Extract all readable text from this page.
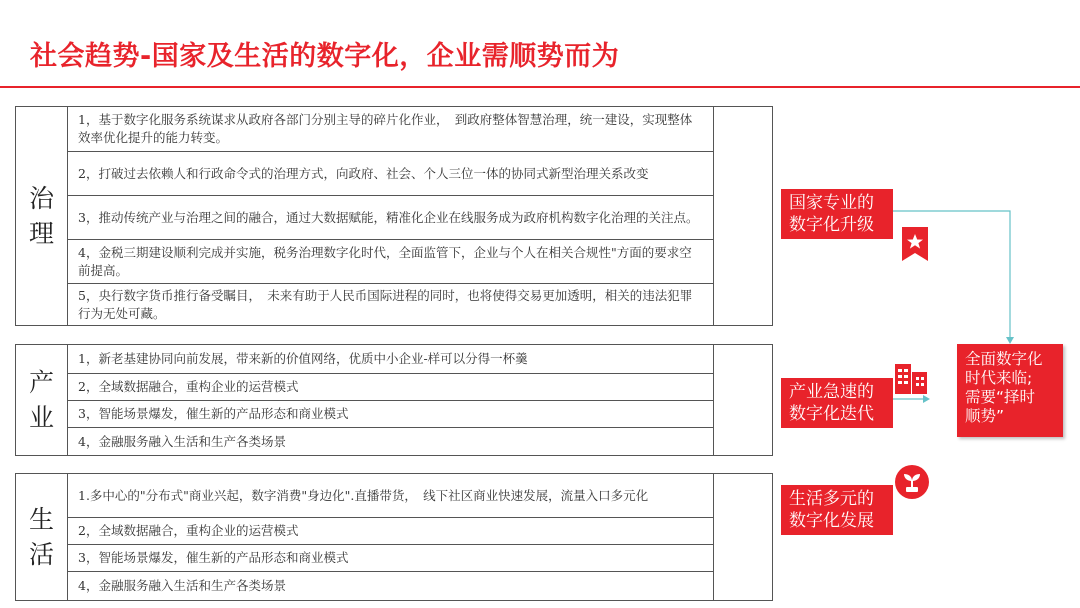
社会趋势-国家及生活的数字化，企业需顺势而为
治
理
1，基于数字化服务系统谋求从政府各部门分别主导的碎片化作业，　到政府整体智慧治理，统一建设，实现整体效率优化提升的能力转变。
2，打破过去依赖人和行政命令式的治理方式，向政府、社会、个人三位一体的协同式新型治理关系改变
3，推动传统产业与治理之间的融合，通过大数据赋能，精准化企业在线服务成为政府机构数字化治理的关注点。
4，金税三期建设顺利完成并实施，税务治理数字化时代，全面监管下，企业与个人在相关合规性"方面的要求空前提高。
5，央行数字货币推行备受瞩目，　未来有助于人民币国际进程的同时，也将使得交易更加透明，相关的违法犯罪行为无处可藏。
产
业
1，新老基建协同向前发展，带来新的价值网络，优质中小企业-样可以分得一杯羹
2，全域数据融合，重构企业的运营模式
3，智能场景爆发，催生新的产品形态和商业模式
4，金融服务融入生活和生产各类场景
生
活
1.多中心的"分布式"商业兴起，数字消费"身边化".直播带货，　线下社区商业快速发展，流量入口多元化
2，全域数据融合，重构企业的运营模式
3，智能场景爆发，催生新的产品形态和商业模式
4，金融服务融入生活和生产各类场景
国家专业的
数字化升级
产业急速的
数字化迭代
生活多元的
数字化发展
全面数字化
时代来临;
需要“择时
顺势”
